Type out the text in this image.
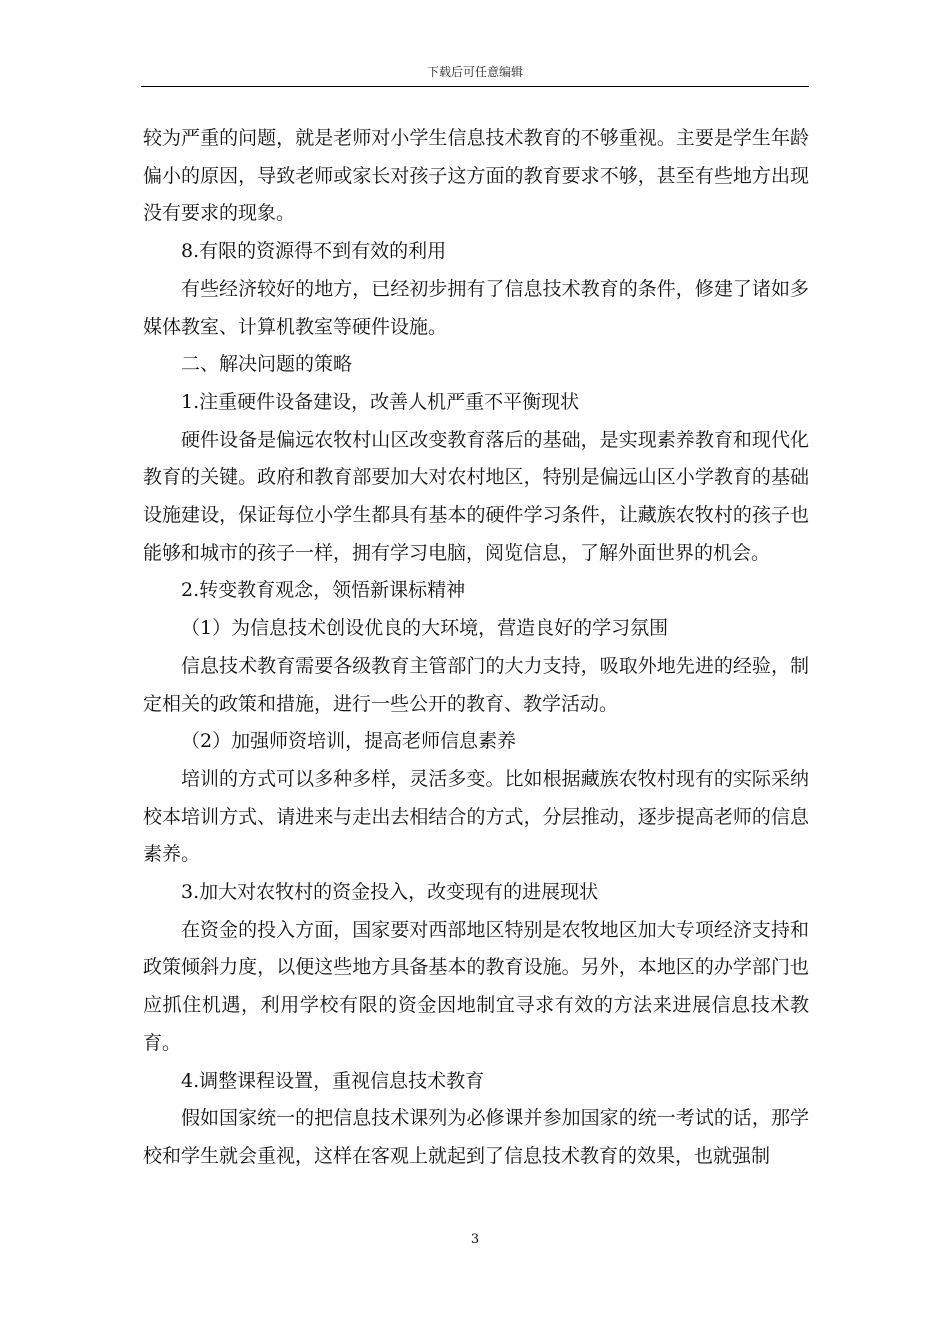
下载后可任意编辑

较为严重的问题，就是老师对小学生信息技术教育的不够重视。主要是学生年龄偏小的原因，导致老师或家长对孩子这方面的教育要求不够，甚至有些地方出现没有要求的现象。

8.有限的资源得不到有效的利用

有些经济较好的地方，已经初步拥有了信息技术教育的条件，修建了诸如多媒体教室、计算机教室等硬件设施。

二、解决问题的策略

1.注重硬件设备建设，改善人机严重不平衡现状

硬件设备是偏远农牧村山区改变教育落后的基础，是实现素养教育和现代化教育的关键。政府和教育部要加大对农村地区，特别是偏远山区小学教育的基础设施建设，保证每位小学生都具有基本的硬件学习条件，让藏族农牧村的孩子也能够和城市的孩子一样，拥有学习电脑，阅览信息，了解外面世界的机会。

2.转变教育观念，领悟新课标精神

（1）为信息技术创设优良的大环境，营造良好的学习氛围

信息技术教育需要各级教育主管部门的大力支持，吸取外地先进的经验，制定相关的政策和措施，进行一些公开的教育、教学活动。

（2）加强师资培训，提高老师信息素养

培训的方式可以多种多样，灵活多变。比如根据藏族农牧村现有的实际采纳校本培训方式、请进来与走出去相结合的方式，分层推动，逐步提高老师的信息素养。

3.加大对农牧村的资金投入，改变现有的进展现状

在资金的投入方面，国家要对西部地区特别是农牧地区加大专项经济支持和政策倾斜力度，以便这些地方具备基本的教育设施。另外，本地区的办学部门也应抓住机遇，利用学校有限的资金因地制宜寻求有效的方法来进展信息技术教育。

4.调整课程设置，重视信息技术教育

假如国家统一的把信息技术课列为必修课并参加国家的统一考试的话，那学校和学生就会重视，这样在客观上就起到了信息技术教育的效果，也就强制

3
